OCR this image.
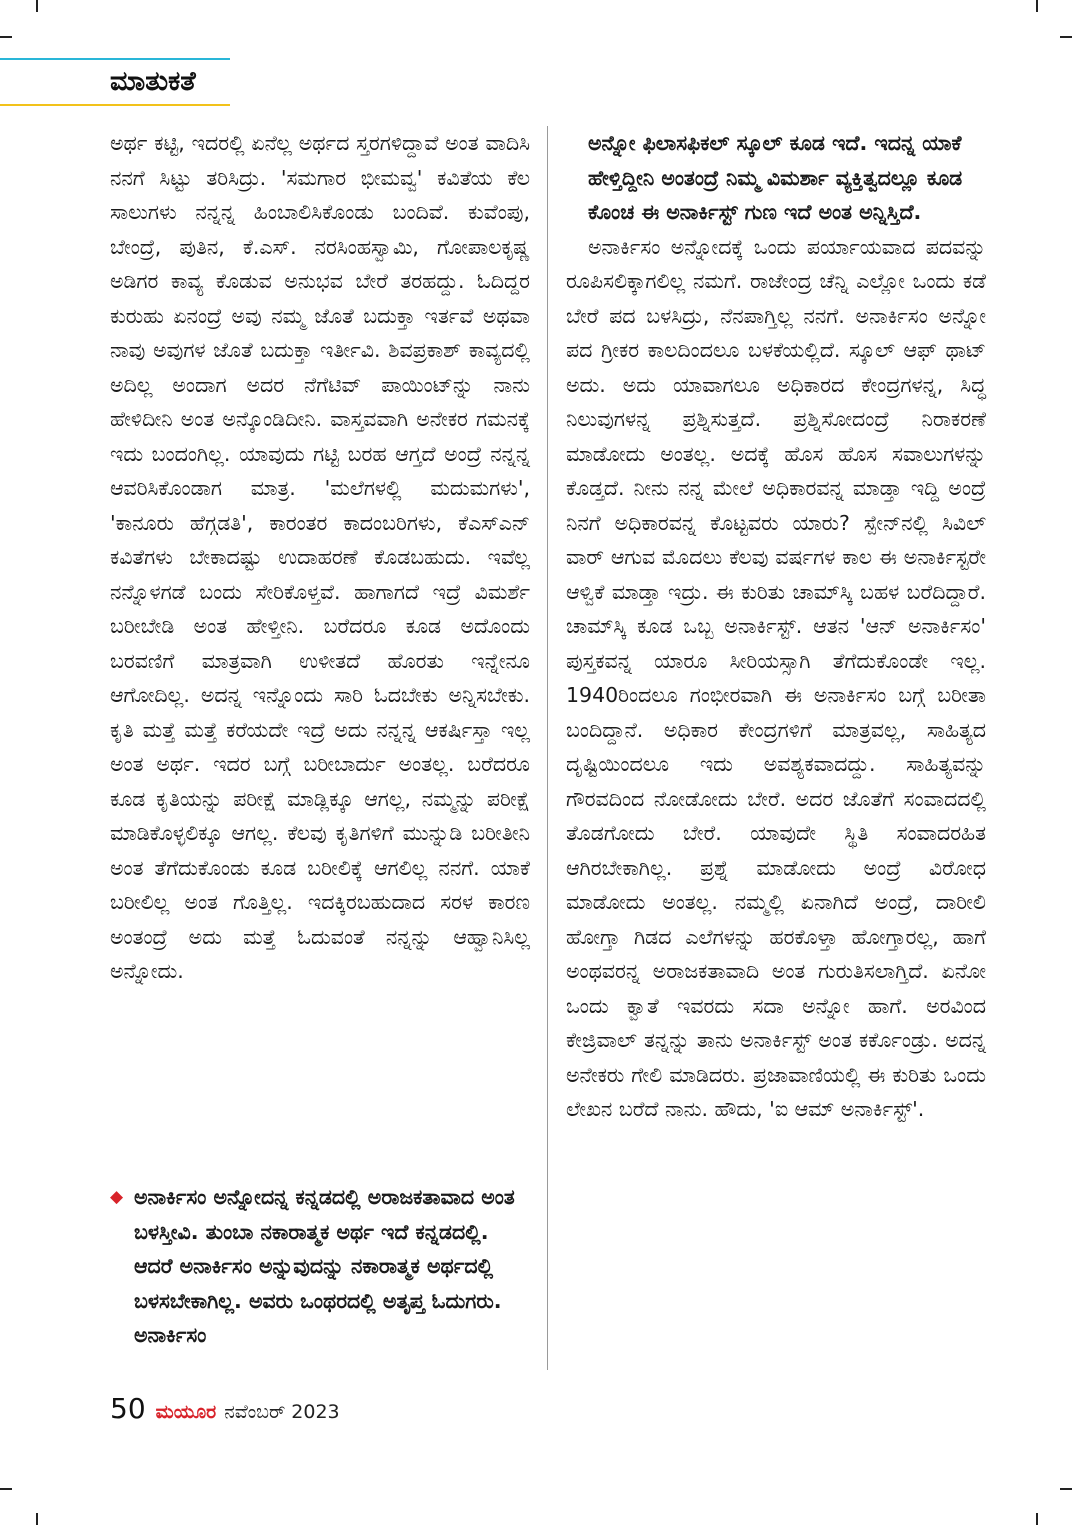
ಮಾತುಕತೆ

ಅರ್ಥ ಕಟ್ಟಿ, ಇದರಲ್ಲಿ ಏನೆಲ್ಲ ಅರ್ಥದ ಸ್ತರಗಳಿದ್ದಾವೆ ಅಂತ ವಾದಿಸಿ ನನಗೆ ಸಿಟ್ಟು ತರಿಸಿದ್ರು. 'ಸಮಗಾರ ಭೀಮವ್ವ' ಕವಿತೆಯ ಕೆಲ ಸಾಲುಗಳು ನನ್ನನ್ನ ಹಿಂಬಾಲಿಸಿಕೊಂಡು ಬಂದಿವೆ. ಕುವೆಂಪು, ಬೇಂದ್ರೆ, ಪುತಿನ, ಕೆ.ಎಸ್. ನರಸಿಂಹಸ್ವಾಮಿ, ಗೋಪಾಲಕೃಷ್ಣ ಅಡಿಗರ ಕಾವ್ಯ ಕೊಡುವ ಅನುಭವ ಬೇರೆ ತರಹದ್ದು. ಓದಿದ್ದರ ಕುರುಹು ಏನಂದ್ರೆ ಅವು ನಮ್ಮ ಜೊತೆ ಬದುಕ್ತಾ ಇರ್ತವೆ ಅಥವಾ ನಾವು ಅವುಗಳ ಜೊತೆ ಬದುಕ್ತಾ ಇರ್ತೀವಿ. ಶಿವಪ್ರಕಾಶ್ ಕಾವ್ಯದಲ್ಲಿ ಅದಿಲ್ಲ ಅಂದಾಗ ಅದರ ನೆಗೆಟಿವ್ ಪಾಯಿಂಟ್‌ನ್ನು ನಾನು ಹೇಳಿದೀನಿ ಅಂತ ಅನ್ಕೊಂಡಿದೀನಿ. ವಾಸ್ತವವಾಗಿ ಅನೇಕರ ಗಮನಕ್ಕೆ ಇದು ಬಂದಂಗಿಲ್ಲ. ಯಾವುದು ಗಟ್ಟಿ ಬರಹ ಆಗ್ತದೆ ಅಂದ್ರೆ ನನ್ನನ್ನ ಆವರಿಸಿಕೊಂಡಾಗ ಮಾತ್ರ. 'ಮಲೆಗಳಲ್ಲಿ ಮದುಮಗಳು', 'ಕಾನೂರು ಹೆಗ್ಗಡತಿ', ಕಾರಂತರ ಕಾದಂಬರಿಗಳು, ಕೆಎಸ್‌ಎನ್ ಕವಿತೆಗಳು ಬೇಕಾದಷ್ಟು ಉದಾಹರಣೆ ಕೊಡಬಹುದು. ಇವೆಲ್ಲ ನನ್ನೊಳಗಡೆ ಬಂದು ಸೇರಿಕೊಳ್ತವೆ. ಹಾಗಾಗದೆ ಇದ್ರೆ ವಿಮರ್ಶೆ ಬರೀಬೇಡಿ ಅಂತ ಹೇಳ್ತೀನಿ. ಬರೆದರೂ ಕೂಡ ಅದೊಂದು ಬರವಣಿಗೆ ಮಾತ್ರವಾಗಿ ಉಳೀತದೆ ಹೊರತು ಇನ್ನೇನೂ ಆಗೋದಿಲ್ಲ. ಅದನ್ನ ಇನ್ನೊಂದು ಸಾರಿ ಓದಬೇಕು ಅನ್ನಿಸಬೇಕು. ಕೃತಿ ಮತ್ತೆ ಮತ್ತೆ ಕರೆಯದೇ ಇದ್ರೆ ಅದು ನನ್ನನ್ನ ಆಕರ್ಷಿಸ್ತಾ ಇಲ್ಲ ಅಂತ ಅರ್ಥ. ಇದರ ಬಗ್ಗೆ ಬರೀಬಾರ್ದು ಅಂತಲ್ಲ. ಬರೆದರೂ ಕೂಡ ಕೃತಿಯನ್ನು ಪರೀಕ್ಷೆ ಮಾಡ್ಲಿಕ್ಕೂ ಆಗಲ್ಲ, ನಮ್ಮನ್ನು ಪರೀಕ್ಷೆ ಮಾಡಿಕೊಳ್ಳಲಿಕ್ಕೂ ಆಗಲ್ಲ. ಕೆಲವು ಕೃತಿಗಳಿಗೆ ಮುನ್ನುಡಿ ಬರೀತೀನಿ ಅಂತ ತೆಗೆದುಕೊಂಡು ಕೂಡ ಬರೀಲಿಕ್ಕೆ ಆಗಲಿಲ್ಲ ನನಗೆ. ಯಾಕೆ ಬರೀಲಿಲ್ಲ ಅಂತ ಗೊತ್ತಿಲ್ಲ. ಇದಕ್ಕಿರಬಹುದಾದ ಸರಳ ಕಾರಣ ಅಂತಂದ್ರೆ ಅದು ಮತ್ತೆ ಓದುವಂತೆ ನನ್ನನ್ನು ಆಹ್ವಾನಿಸಿಲ್ಲ ಅನ್ನೋದು.

◆ ಅನಾರ್ಕಿಸಂ ಅನ್ನೋದನ್ನ ಕನ್ನಡದಲ್ಲಿ ಅರಾಜಕತಾವಾದ ಅಂತ ಬಳಸ್ತೀವಿ. ತುಂಬಾ ನಕಾರಾತ್ಮಕ ಅರ್ಥ ಇದೆ ಕನ್ನಡದಲ್ಲಿ. ಆದರೆ ಅನಾರ್ಕಿಸಂ ಅನ್ನುವುದನ್ನು ನಕಾರಾತ್ಮಕ ಅರ್ಥದಲ್ಲಿ ಬಳಸಬೇಕಾಗಿಲ್ಲ. ಅವರು ಒಂಥರದಲ್ಲಿ ಅತೃಪ್ತ ಓದುಗರು. ಅನಾರ್ಕಿಸಂ

ಅನ್ನೋ ಫಿಲಾಸಫಿಕಲ್ ಸ್ಕೂಲ್ ಕೂಡ ಇದೆ. ಇದನ್ನ ಯಾಕೆ ಹೇಳ್ತಿದ್ದೀನಿ ಅಂತಂದ್ರೆ ನಿಮ್ಮ ವಿಮರ್ಶಾ ವ್ಯಕ್ತಿತ್ವದಲ್ಲೂ ಕೂಡ ಕೊಂಚ ಈ ಅನಾರ್ಕಿಸ್ಟ್ ಗುಣ ಇದೆ ಅಂತ ಅನ್ನಿಸ್ತಿದೆ.

ಅನಾರ್ಕಿಸಂ ಅನ್ನೋದಕ್ಕೆ ಒಂದು ಪರ್ಯಾಯವಾದ ಪದವನ್ನು ರೂಪಿಸಲಿಕ್ಕಾಗಲಿಲ್ಲ ನಮಗೆ. ರಾಜೇಂದ್ರ ಚೆನ್ನಿ ಎಲ್ಲೋ ಒಂದು ಕಡೆ ಬೇರೆ ಪದ ಬಳಸಿದ್ರು, ನೆನಪಾಗ್ತಿಲ್ಲ ನನಗೆ. ಅನಾರ್ಕಿಸಂ ಅನ್ನೋ ಪದ ಗ್ರೀಕರ ಕಾಲದಿಂದಲೂ ಬಳಕೆಯಲ್ಲಿದೆ. ಸ್ಕೂಲ್ ಆಫ್ ಥಾಟ್ ಅದು. ಅದು ಯಾವಾಗಲೂ ಅಧಿಕಾರದ ಕೇಂದ್ರಗಳನ್ನ, ಸಿದ್ಧ ನಿಲುವುಗಳನ್ನ ಪ್ರಶ್ನಿಸುತ್ತದೆ. ಪ್ರಶ್ನಿಸೋದಂದ್ರೆ ನಿರಾಕರಣೆ ಮಾಡೋದು ಅಂತಲ್ಲ. ಅದಕ್ಕೆ ಹೊಸ ಹೊಸ ಸವಾಲುಗಳನ್ನು ಕೊಡ್ತದೆ. ನೀನು ನನ್ನ ಮೇಲೆ ಅಧಿಕಾರವನ್ನ ಮಾಡ್ತಾ ಇದ್ದಿ ಅಂದ್ರೆ ನಿನಗೆ ಅಧಿಕಾರವನ್ನ ಕೊಟ್ಟವರು ಯಾರು? ಸ್ಪೇನ್‌ನಲ್ಲಿ ಸಿವಿಲ್ ವಾರ್ ಆಗುವ ಮೊದಲು ಕೆಲವು ವರ್ಷಗಳ ಕಾಲ ಈ ಅನಾರ್ಕಿಸ್ಟರೇ ಆಳ್ವಿಕೆ ಮಾಡ್ತಾ ಇದ್ರು. ಈ ಕುರಿತು ಚಾಮ್‌ಸ್ಕಿ ಬಹಳ ಬರೆದಿದ್ದಾರೆ. ಚಾಮ್‌ಸ್ಕಿ ಕೂಡ ಒಬ್ಬ ಅನಾರ್ಕಿಸ್ಟ್. ಆತನ 'ಆನ್ ಅನಾರ್ಕಿಸಂ' ಪುಸ್ತಕವನ್ನ ಯಾರೂ ಸೀರಿಯಸ್ಸಾಗಿ ತೆಗೆದುಕೊಂಡೇ ಇಲ್ಲ. 1940ರಿಂದಲೂ ಗಂಭೀರವಾಗಿ ಈ ಅನಾರ್ಕಿಸಂ ಬಗ್ಗೆ ಬರೀತಾ ಬಂದಿದ್ದಾನೆ. ಅಧಿಕಾರ ಕೇಂದ್ರಗಳಿಗೆ ಮಾತ್ರವಲ್ಲ, ಸಾಹಿತ್ಯದ ದೃಷ್ಟಿಯಿಂದಲೂ ಇದು ಅವಶ್ಯಕವಾದದ್ದು. ಸಾಹಿತ್ಯವನ್ನು ಗೌರವದಿಂದ ನೋಡೋದು ಬೇರೆ. ಅದರ ಜೊತೆಗೆ ಸಂವಾದದಲ್ಲಿ ತೊಡಗೋದು ಬೇರೆ. ಯಾವುದೇ ಸ್ಥಿತಿ ಸಂವಾದರಹಿತ ಆಗಿರಬೇಕಾಗಿಲ್ಲ. ಪ್ರಶ್ನೆ ಮಾಡೋದು ಅಂದ್ರೆ ವಿರೋಧ ಮಾಡೋದು ಅಂತಲ್ಲ. ನಮ್ಮಲ್ಲಿ ಏನಾಗಿದೆ ಅಂದ್ರೆ, ದಾರೀಲಿ ಹೋಗ್ತಾ ಗಿಡದ ಎಲೆಗಳನ್ನು ಹರಕೊಳ್ತಾ ಹೋಗ್ತಾರಲ್ಲ, ಹಾಗೆ ಅಂಥವರನ್ನ ಅರಾಜಕತಾವಾದಿ ಅಂತ ಗುರುತಿಸಲಾಗ್ತಿದೆ. ಏನೋ ಒಂದು ಕ್ವಾತೆ ಇವರದು ಸದಾ ಅನ್ನೋ ಹಾಗೆ. ಅರವಿಂದ ಕೇಜ್ರಿವಾಲ್ ತನ್ನನ್ನು ತಾನು ಅನಾರ್ಕಿಸ್ಟ್ ಅಂತ ಕರ್ಕೊಂಡ್ರು. ಅದನ್ನ ಅನೇಕರು ಗೇಲಿ ಮಾಡಿದರು. ಪ್ರಜಾವಾಣಿಯಲ್ಲಿ ಈ ಕುರಿತು ಒಂದು ಲೇಖನ ಬರೆದೆ ನಾನು. ಹೌದು, 'ಐ ಆಮ್ ಅನಾರ್ಕಿಸ್ಟ್'.

50 ಮಯೂರ ನವೆಂಬರ್ 2023
